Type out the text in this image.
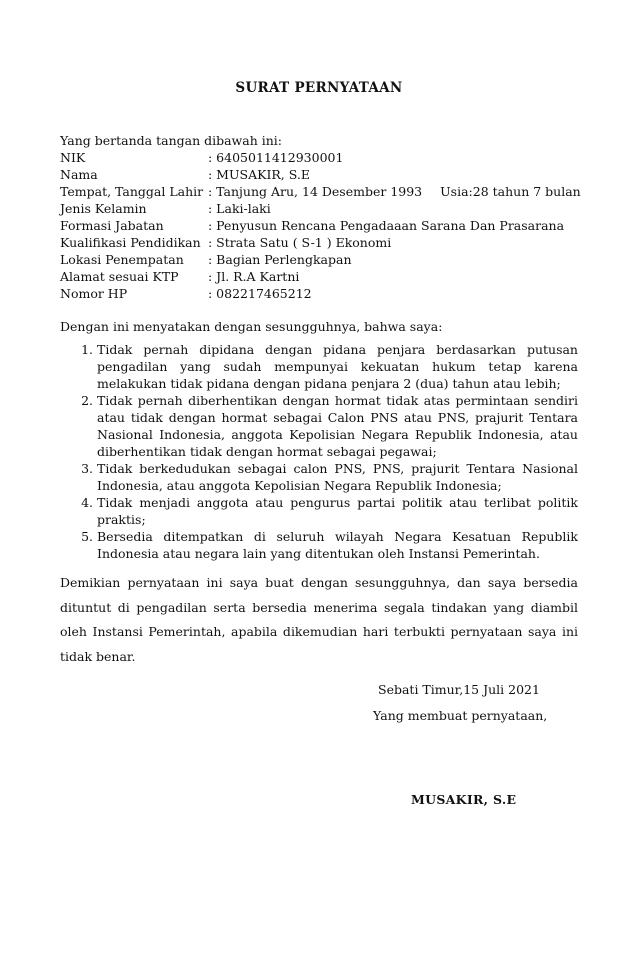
SURAT PERNYATAAN
Yang bertanda tangan dibawah ini:
NIK	: 6405011412930001
Nama	: MUSAKIR, S.E
Tempat, Tanggal Lahir	: Tanjung Aru, 14 Desember 1993 Usia:28 tahun 7 bulan
Jenis Kelamin	: Laki-laki
Formasi Jabatan	: Penyusun Rencana Pengadaaan Sarana Dan Prasarana
Kualifikasi Pendidikan	: Strata Satu ( S-1 ) Ekonomi
Lokasi Penempatan	: Bagian Perlengkapan
Alamat sesuai KTP	: Jl. R.A Kartni
Nomor HP	: 082217465212
Dengan ini menyatakan dengan sesungguhnya, bahwa saya:
1. Tidak pernah dipidana dengan pidana penjara berdasarkan putusan pengadilan yang sudah mempunyai kekuatan hukum tetap karena melakukan tidak pidana dengan pidana penjara 2 (dua) tahun atau lebih;
2. Tidak pernah diberhentikan dengan hormat tidak atas permintaan sendiri atau tidak dengan hormat sebagai Calon PNS atau PNS, prajurit Tentara Nasional Indonesia, anggota Kepolisian Negara Republik Indonesia, atau diberhentikan tidak dengan hormat sebagai pegawai;
3. Tidak berkedudukan sebagai calon PNS, PNS, prajurit Tentara Nasional Indonesia, atau anggota Kepolisian Negara Republik Indonesia;
4. Tidak menjadi anggota atau pengurus partai politik atau terlibat politik praktis;
5. Bersedia ditempatkan di seluruh wilayah Negara Kesatuan Republik Indonesia atau negara lain yang ditentukan oleh Instansi Pemerintah.
Demikian pernyataan ini saya buat dengan sesungguhnya, dan saya bersedia dituntut di pengadilan serta bersedia menerima segala tindakan yang diambil oleh Instansi Pemerintah, apabila dikemudian hari terbukti pernyataan saya ini tidak benar.
Sebati Timur,15 Juli 2021
Yang membuat pernyataan,
MUSAKIR, S.E
